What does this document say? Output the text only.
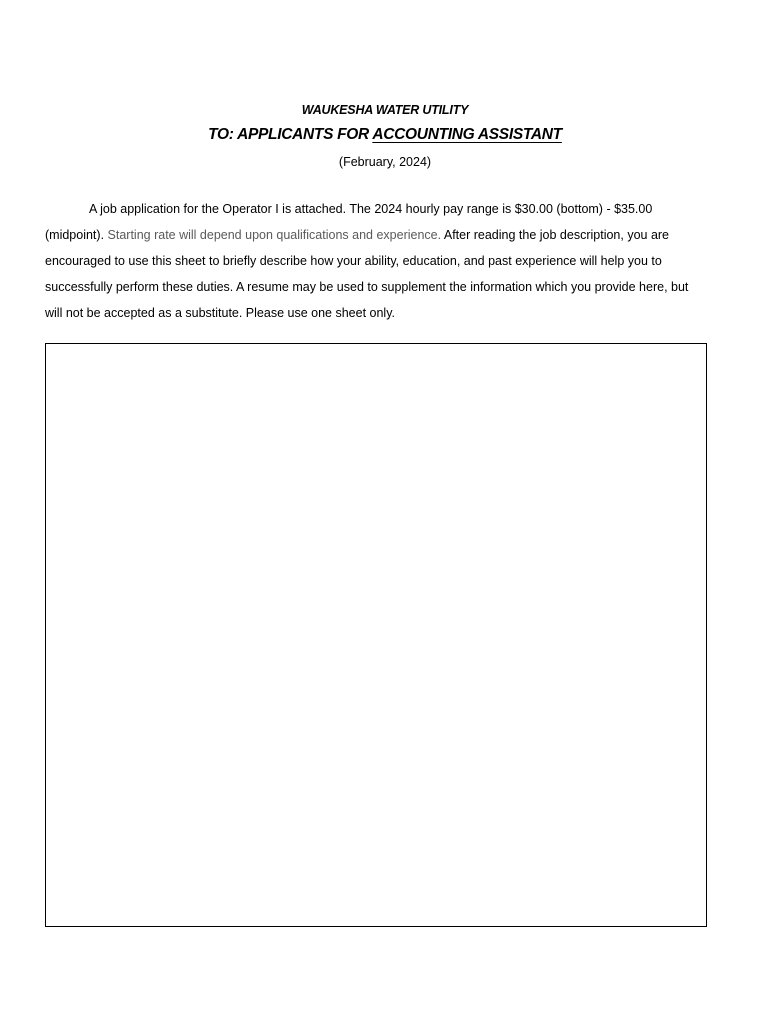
WAUKESHA WATER UTILITY
TO: APPLICANTS FOR ACCOUNTING ASSISTANT
(February, 2024)

A job application for the Operator I is attached. The 2024 hourly pay range is $30.00 (bottom) - $35.00 (midpoint). Starting rate will depend upon qualifications and experience. After reading the job description, you are encouraged to use this sheet to briefly describe how your ability, education, and past experience will help you to successfully perform these duties. A resume may be used to supplement the information which you provide here, but will not be accepted as a substitute. Please use one sheet only.
